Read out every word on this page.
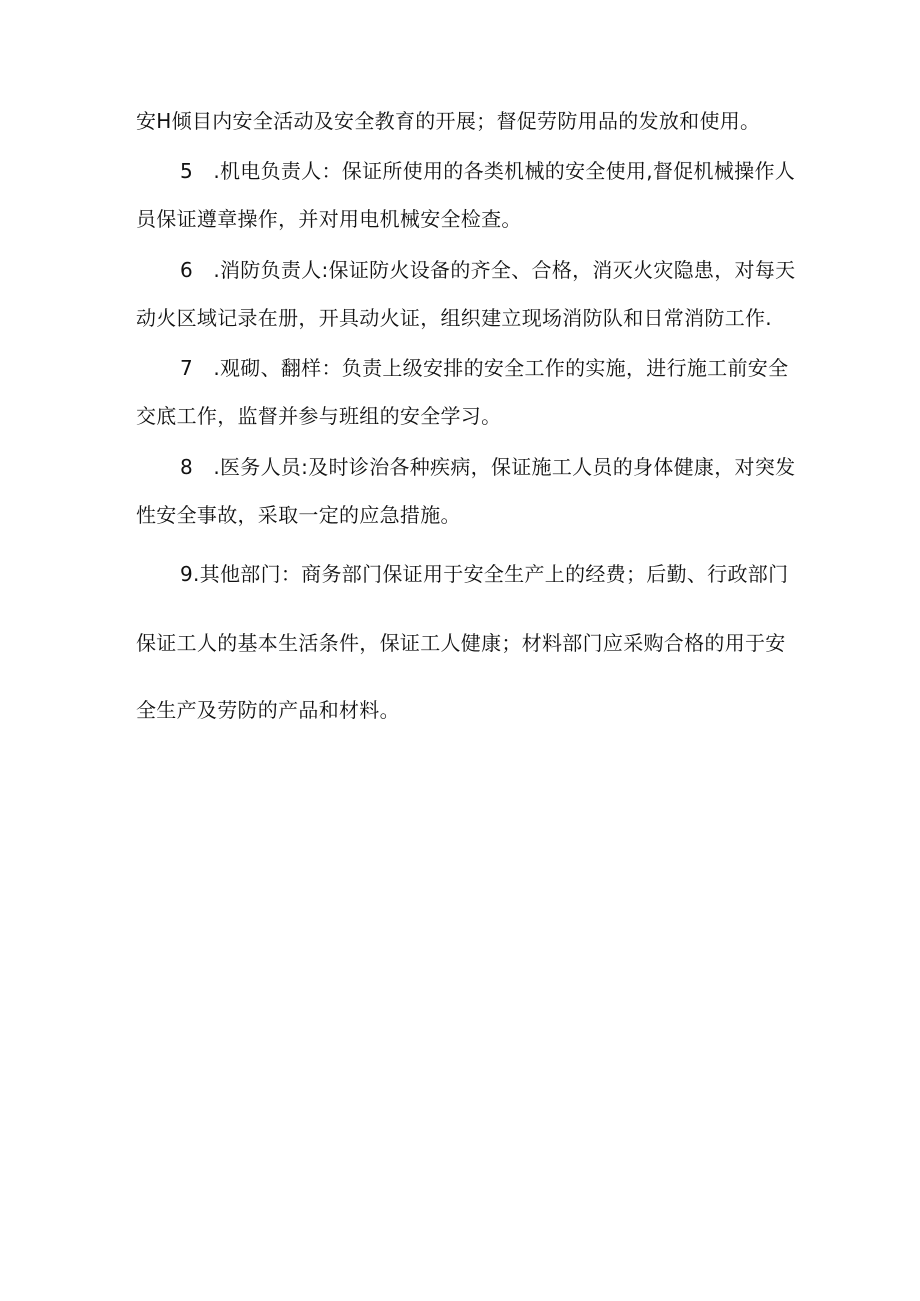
安H倾目内安全活动及安全教育的开展；督促劳防用品的发放和使用。
5　.机电负责人：保证所使用的各类机械的安全使用,督促机械操作人
员保证遵章操作，并对用电机械安全检查。
6　.消防负责人:保证防火设备的齐全、合格，消灭火灾隐患，对每天
动火区域记录在册，开具动火证，组织建立现场消防队和日常消防工作.
7　.观砌、翻样：负责上级安排的安全工作的实施，进行施工前安全
交底工作，监督并参与班组的安全学习。
8　.医务人员:及时诊治各种疾病，保证施工人员的身体健康，对突发
性安全事故，采取一定的应急措施。
9.其他部门：商务部门保证用于安全生产上的经费；后勤、行政部门
保证工人的基本生活条件，保证工人健康；材料部门应采购合格的用于安
全生产及劳防的产品和材料。
